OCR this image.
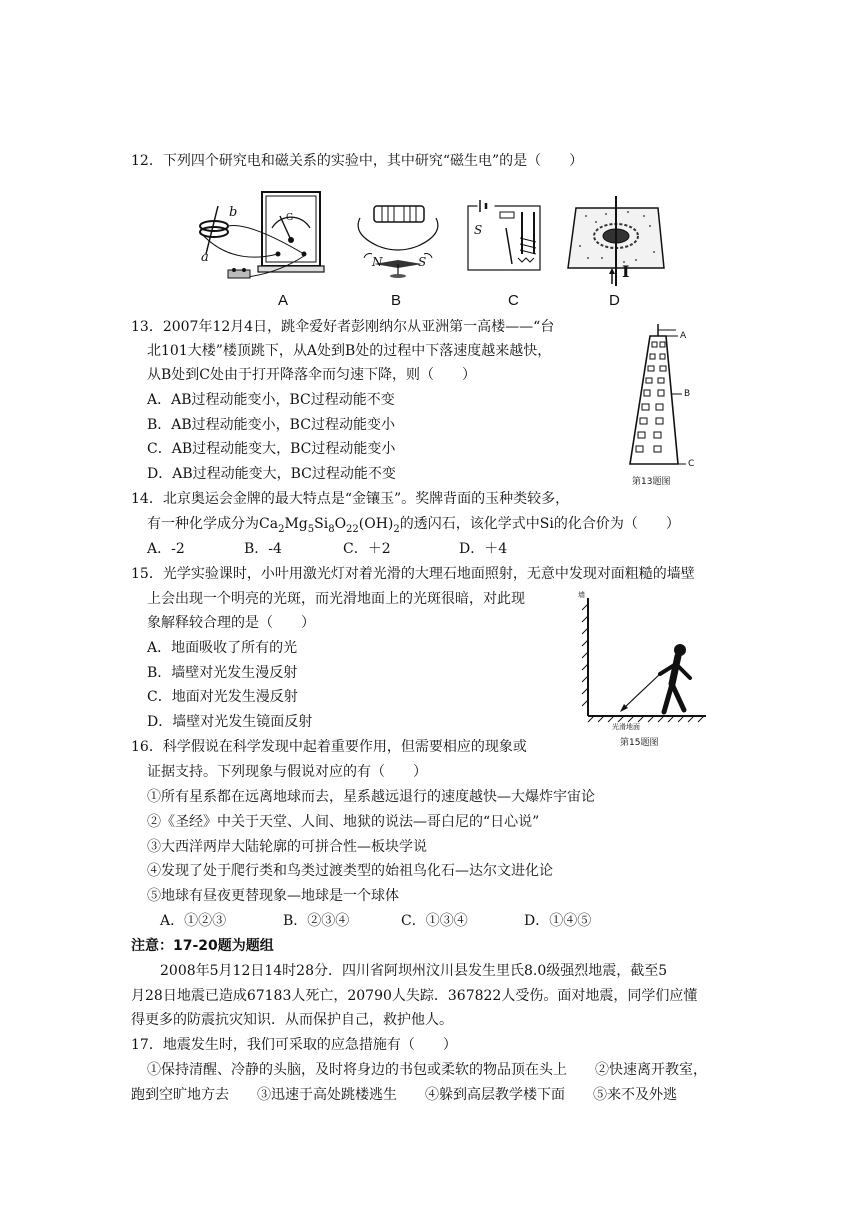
12．下列四个研究电和磁关系的实验中，其中研究“磁生电”的是（　　）
b
a
G
A
N	S
B
S
C
I
D
13．2007年12月4日，跳伞爱好者彭刚纳尔从亚洲第一高楼——“台
北101大楼”楼顶跳下，从A处到B处的过程中下落速度越来越快，
从B处到C处由于打开降落伞而匀速下降，则（　　）
A．AB过程动能变小，BC过程动能不变
B．AB过程动能变小，BC过程动能变小
C．AB过程动能变大，BC过程动能变小
D．AB过程动能变大，BC过程动能不变
A
B
C
第13题图
14．北京奥运会金牌的最大特点是“金镶玉”。奖牌背面的玉种类较多，
有一种化学成分为$Ca_2Mg_5Si_8O_{22}(OH)_2$的透闪石，该化学式中Si的化合价为（　　）
A．-2	B．-4	C．＋2	D．＋4
15．光学实验课时，小叶用激光灯对着光滑的大理石地面照射，无意中发现对面粗糙的墙壁
上会出现一个明亮的光斑，而光滑地面上的光斑很暗，对此现
象解释较合理的是（　　）
A．地面吸收了所有的光
B．墙壁对光发生漫反射
C．地面对光发生漫反射
D．墙壁对光发生镜面反射
墙
光滑地面
第15题图
16．科学假说在科学发现中起着重要作用，但需要相应的现象或
证据支持。下列现象与假说对应的有（　　）
①所有星系都在远离地球而去，星系越远退行的速度越快—大爆炸宇宙论
②《圣经》中关于天堂、人间、地狱的说法—哥白尼的“日心说”
③大西洋两岸大陆轮廓的可拼合性—板块学说
④发现了处于爬行类和鸟类过渡类型的始祖鸟化石—达尔文进化论
⑤地球有昼夜更替现象—地球是一个球体
A．①②③	B．②③④	C．①③④	D．①④⑤
注意：17-20题为题组
2008年5月12日14时28分．四川省阿坝州汶川县发生里氏8.0级强烈地震，截至5
月28日地震已造成67183人死亡，20790人失踪．367822人受伤。面对地震，同学们应懂
得更多的防震抗灾知识．从而保护自己，救护他人。
17．地震发生时，我们可采取的应急措施有（　　）
①保持清醒、冷静的头脑，及时将身边的书包或柔软的物品顶在头上　　②快速离开教室，
跑到空旷地方去　　③迅速于高处跳楼逃生　　④躲到高层教学楼下面　　⑤来不及外逃
